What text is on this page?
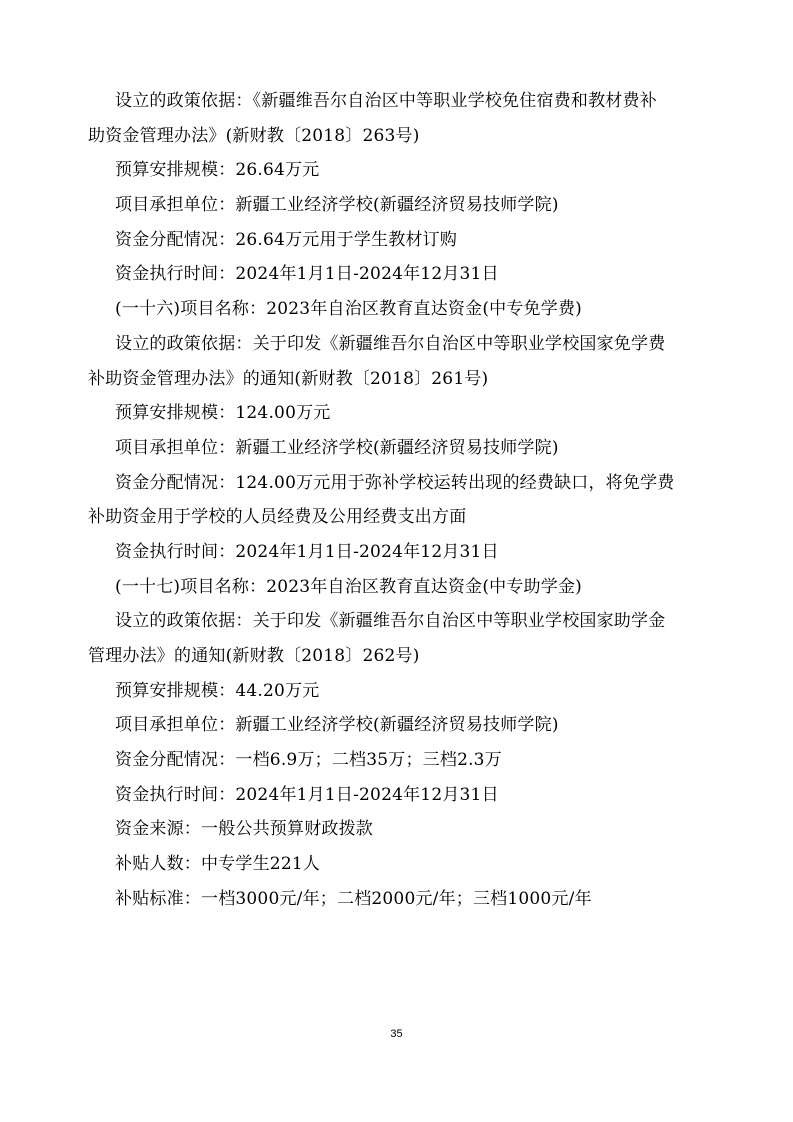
设立的政策依据：《新疆维吾尔自治区中等职业学校免住宿费和教材费补
助资金管理办法》(新财教〔2018〕263号)
预算安排规模：26.64万元
项目承担单位：新疆工业经济学校(新疆经济贸易技师学院)
资金分配情况：26.64万元用于学生教材订购
资金执行时间：2024年1月1日-2024年12月31日
(一十六)项目名称：2023年自治区教育直达资金(中专免学费)
设立的政策依据：关于印发《新疆维吾尔自治区中等职业学校国家免学费
补助资金管理办法》的通知(新财教〔2018〕261号)
预算安排规模：124.00万元
项目承担单位：新疆工业经济学校(新疆经济贸易技师学院)
资金分配情况：124.00万元用于弥补学校运转出现的经费缺口，将免学费
补助资金用于学校的人员经费及公用经费支出方面
资金执行时间：2024年1月1日-2024年12月31日
(一十七)项目名称：2023年自治区教育直达资金(中专助学金)
设立的政策依据：关于印发《新疆维吾尔自治区中等职业学校国家助学金
管理办法》的通知(新财教〔2018〕262号)
预算安排规模：44.20万元
项目承担单位：新疆工业经济学校(新疆经济贸易技师学院)
资金分配情况：一档6.9万；二档35万；三档2.3万
资金执行时间：2024年1月1日-2024年12月31日
资金来源：一般公共预算财政拨款
补贴人数：中专学生221人
补贴标准：一档3000元/年；二档2000元/年；三档1000元/年
35
